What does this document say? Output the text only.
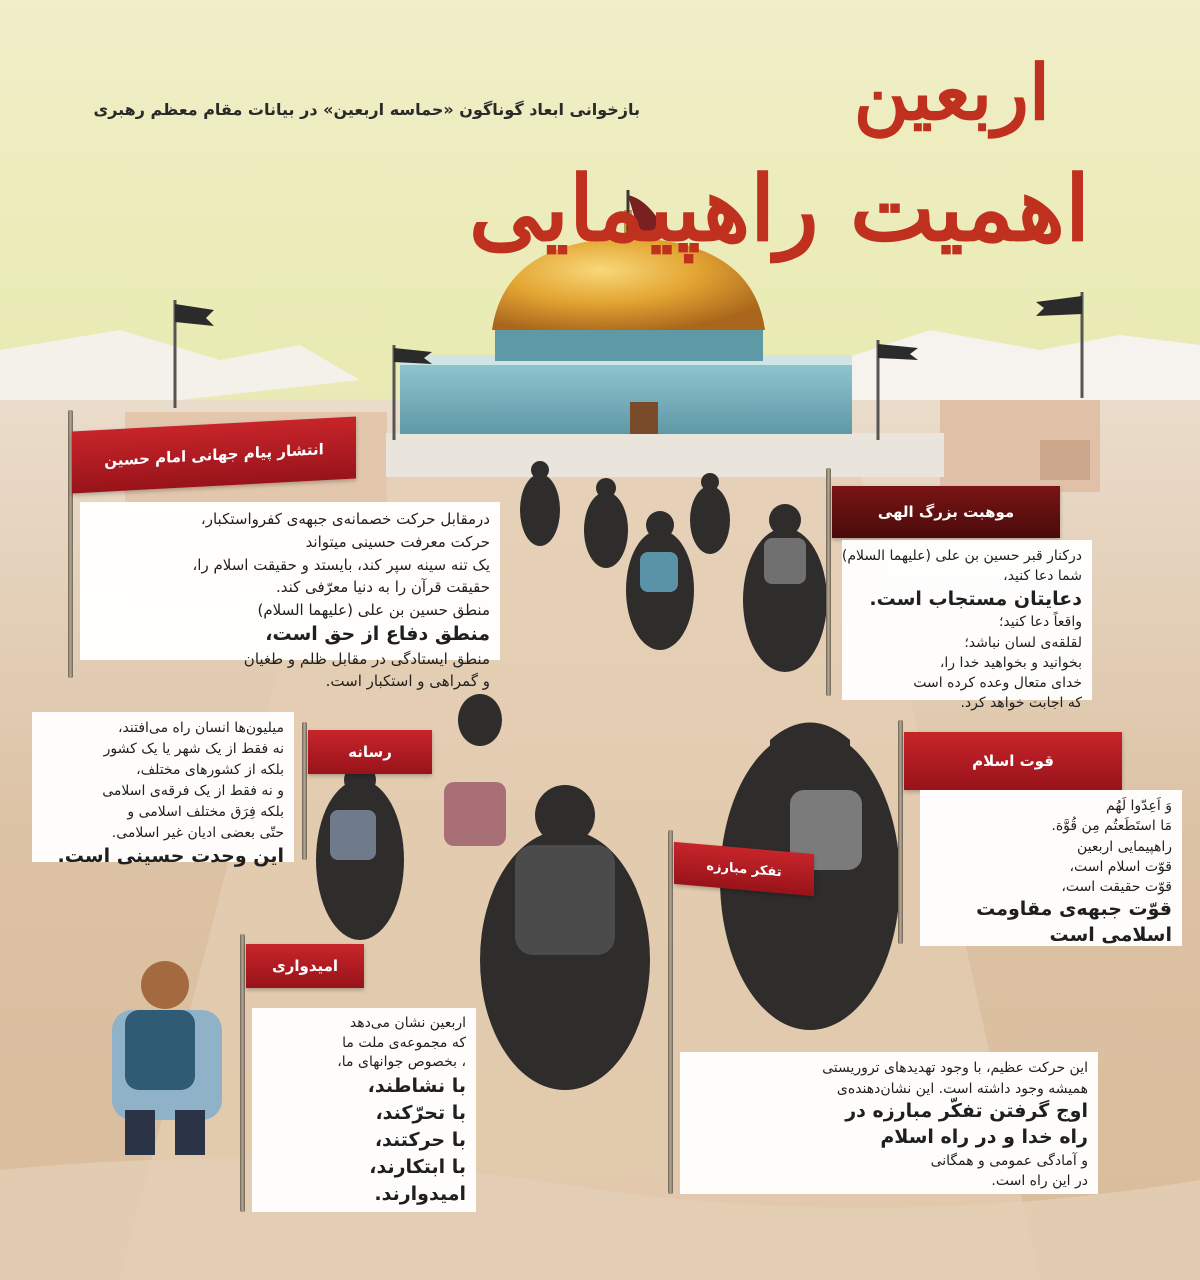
اربعین
اهمیت راهپیمایی
بازخوانی ابعاد گوناگون «حماسه اربعین» در بیانات مقام معظم رهبری
انتشار پیام جهانی امام حسین
درمقابل حرکت خصمانه‌ی جبهه‌ی کفرواستکبار،
حرکت معرفت حسینی میتواند
یک تنه سینه سپر کند، بایستد و حقیقت اسلام را،
حقیقت قرآن را به دنیا معرّفی کند.
منطق حسین بن علی (علیهما السلام)
منطق دفاع از حق است،
منطق ایستادگی در مقابل ظلم و طغیان
و گمراهی و استکبار است.
موهبت بزرگ الهی
درکنار قبر حسین بن علی (علیهما السلام)
شما دعا کنید،
دعایتان مستجاب است.
واقعاً دعا کنید؛
لقلقه‌ی لسان نباشد؛
بخوانید و بخواهید خدا را،
خدای متعال وعده کرده است
که اجابت خواهد کرد.
رسانه
میلیون‌ها انسان راه می‌افتند،
نه فقط از یک شهر یا یک کشور
بلکه از کشورهای مختلف،
و نه فقط از یک فرقه‌ی اسلامی
بلکه فِرَق مختلف اسلامی و
حتّی بعضی ادیان غیر اسلامی.
این وحدت حسینی است.
قوت اسلام
وَ اَعِدّوا لَهُم
مَا استَطَعتُم مِن قُوَّة.
راهپیمایی اربعین
قوّت اسلام است،
قوّت حقیقت است،
قوّت جبهه‌ی مقاومت اسلامی است
تفکر مبارزه
این حرکت عظیم، با وجود تهدیدهای تروریستی
همیشه وجود داشته است. این نشان‌دهنده‌ی
اوج گرفتن تفکّر مبارزه در راه خدا و در راه اسلام
و آمادگی عمومی و همگانی
در این راه است.
امیدواری
اربعین نشان می‌دهد
که مجموعه‌ی ملت ما
، بخصوص جوانهای ما،
با نشاطند،
با تحرّکند،
با حرکتند،
با ابتکارند،
امیدوارند.
